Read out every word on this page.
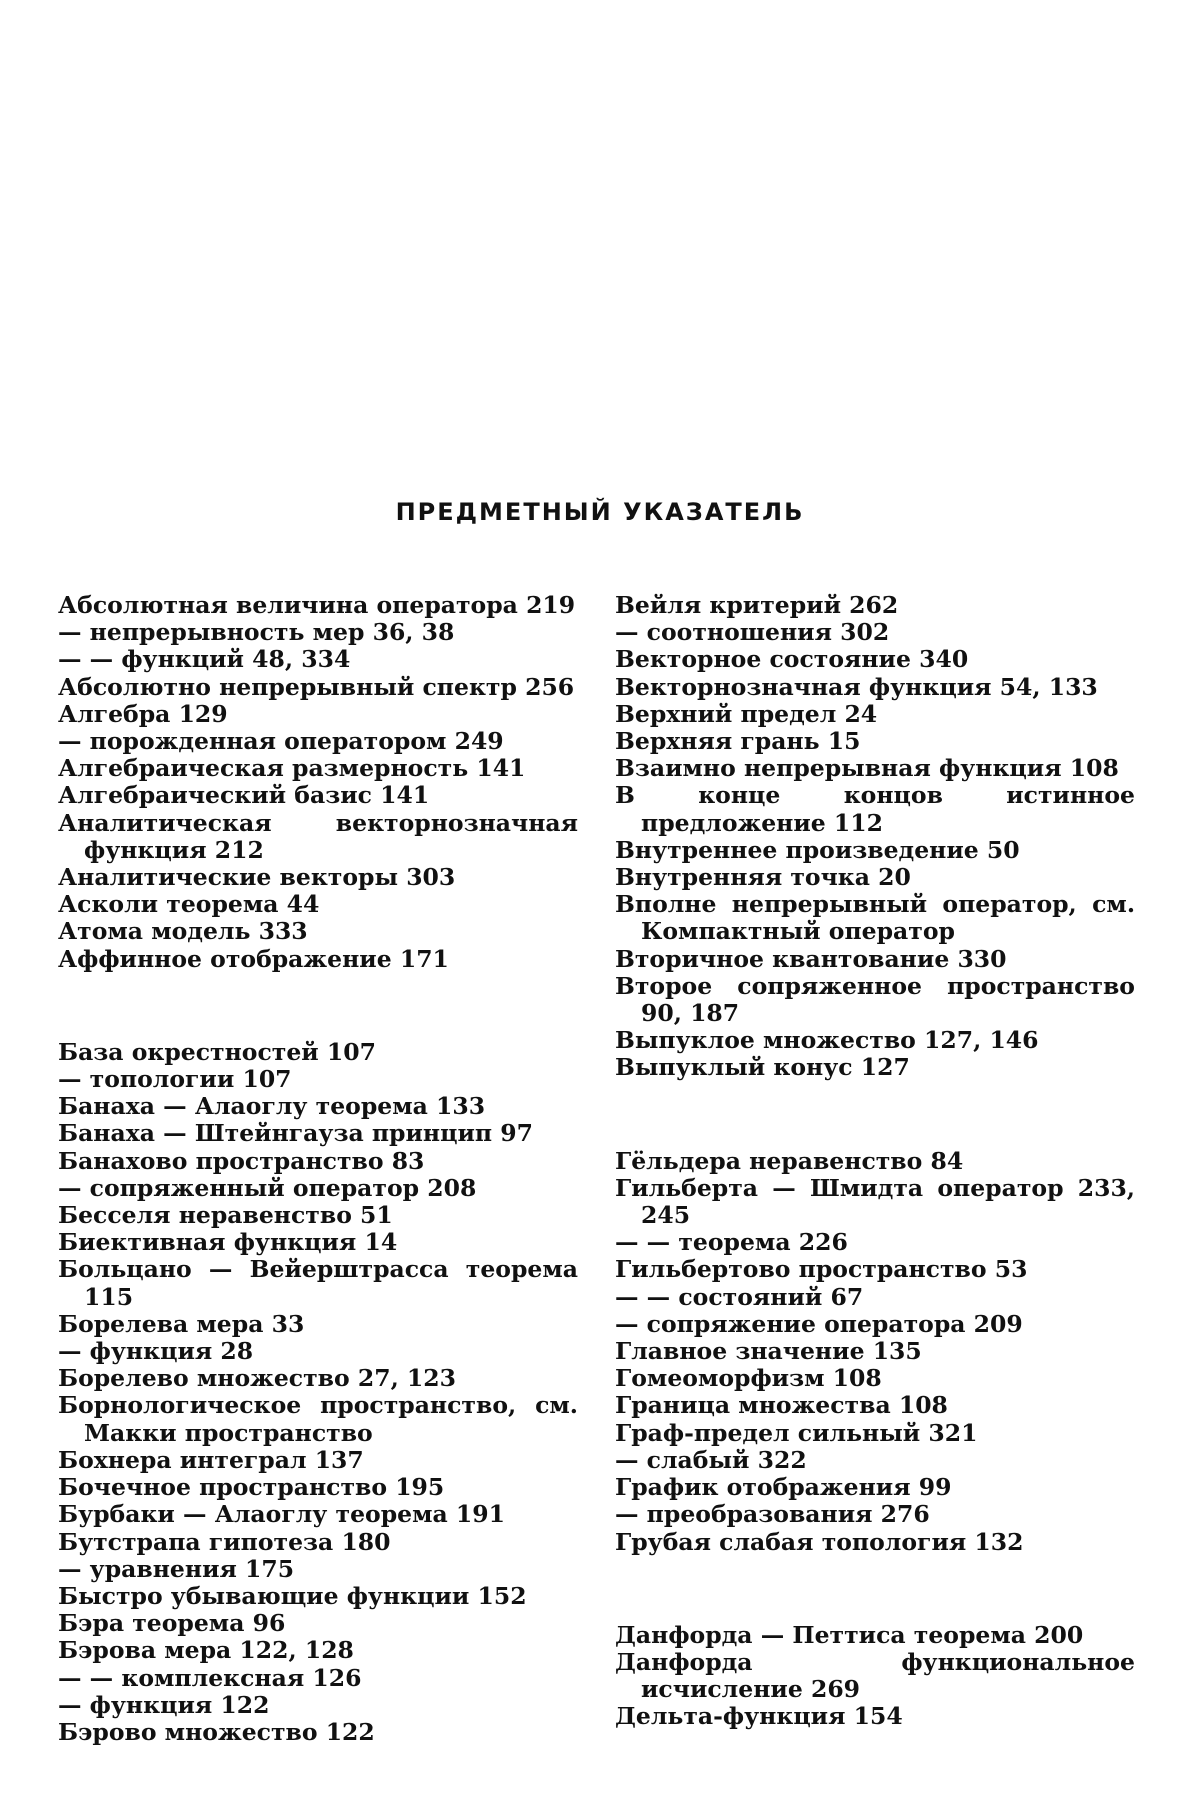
ПРЕДМЕТНЫЙ УКАЗАТЕЛЬ
Абсолютная величина оператора 219
— непрерывность мер 36, 38
— — функций 48, 334
Абсолютно непрерывный спектр 256
Алгебра 129
— порожденная оператором 249
Алгебраическая размерность 141
Алгебраический базис 141
Аналитическая векторнозначная функция 212
Аналитические векторы 303
Асколи теорема 44
Атома модель 333
Аффинное отображение 171
База окрестностей 107
— топологии 107
Банаха — Алаоглу теорема 133
Банаха — Штейнгауза принцип 97
Банахово пространство 83
— сопряженный оператор 208
Бесселя неравенство 51
Биективная функция 14
Больцано — Вейерштрасса теорема 115
Борелева мера 33
— функция 28
Борелево множество 27, 123
Борнологическое пространство, см. Макки пространство
Бохнера интеграл 137
Бочечное пространство 195
Бурбаки — Алаоглу теорема 191
Бутстрапа гипотеза 180
— уравнения 175
Быстро убывающие функции 152
Бэра теорема 96
Бэрова мера 122, 128
— — комплексная 126
— функция 122
Бэрово множество 122
Вейля критерий 262
— соотношения 302
Векторное состояние 340
Векторнозначная функция 54, 133
Верхний предел 24
Верхняя грань 15
Взаимно непрерывная функция 108
В конце концов истинное предложение 112
Внутреннее произведение 50
Внутренняя точка 20
Вполне непрерывный оператор, см. Компактный оператор
Вторичное квантование 330
Второе сопряженное пространство 90, 187
Выпуклое множество 127, 146
Выпуклый конус 127
Гёльдера неравенство 84
Гильберта — Шмидта оператор 233, 245
— — теорема 226
Гильбертово пространство 53
— — состояний 67
— сопряжение оператора 209
Главное значение 135
Гомеоморфизм 108
Граница множества 108
Граф-предел сильный 321
— слабый 322
График отображения 99
— преобразования 276
Грубая слабая топология 132
Данфорда — Петтиса теорема 200
Данфорда функциональное исчисление 269
Дельта-функция 154
